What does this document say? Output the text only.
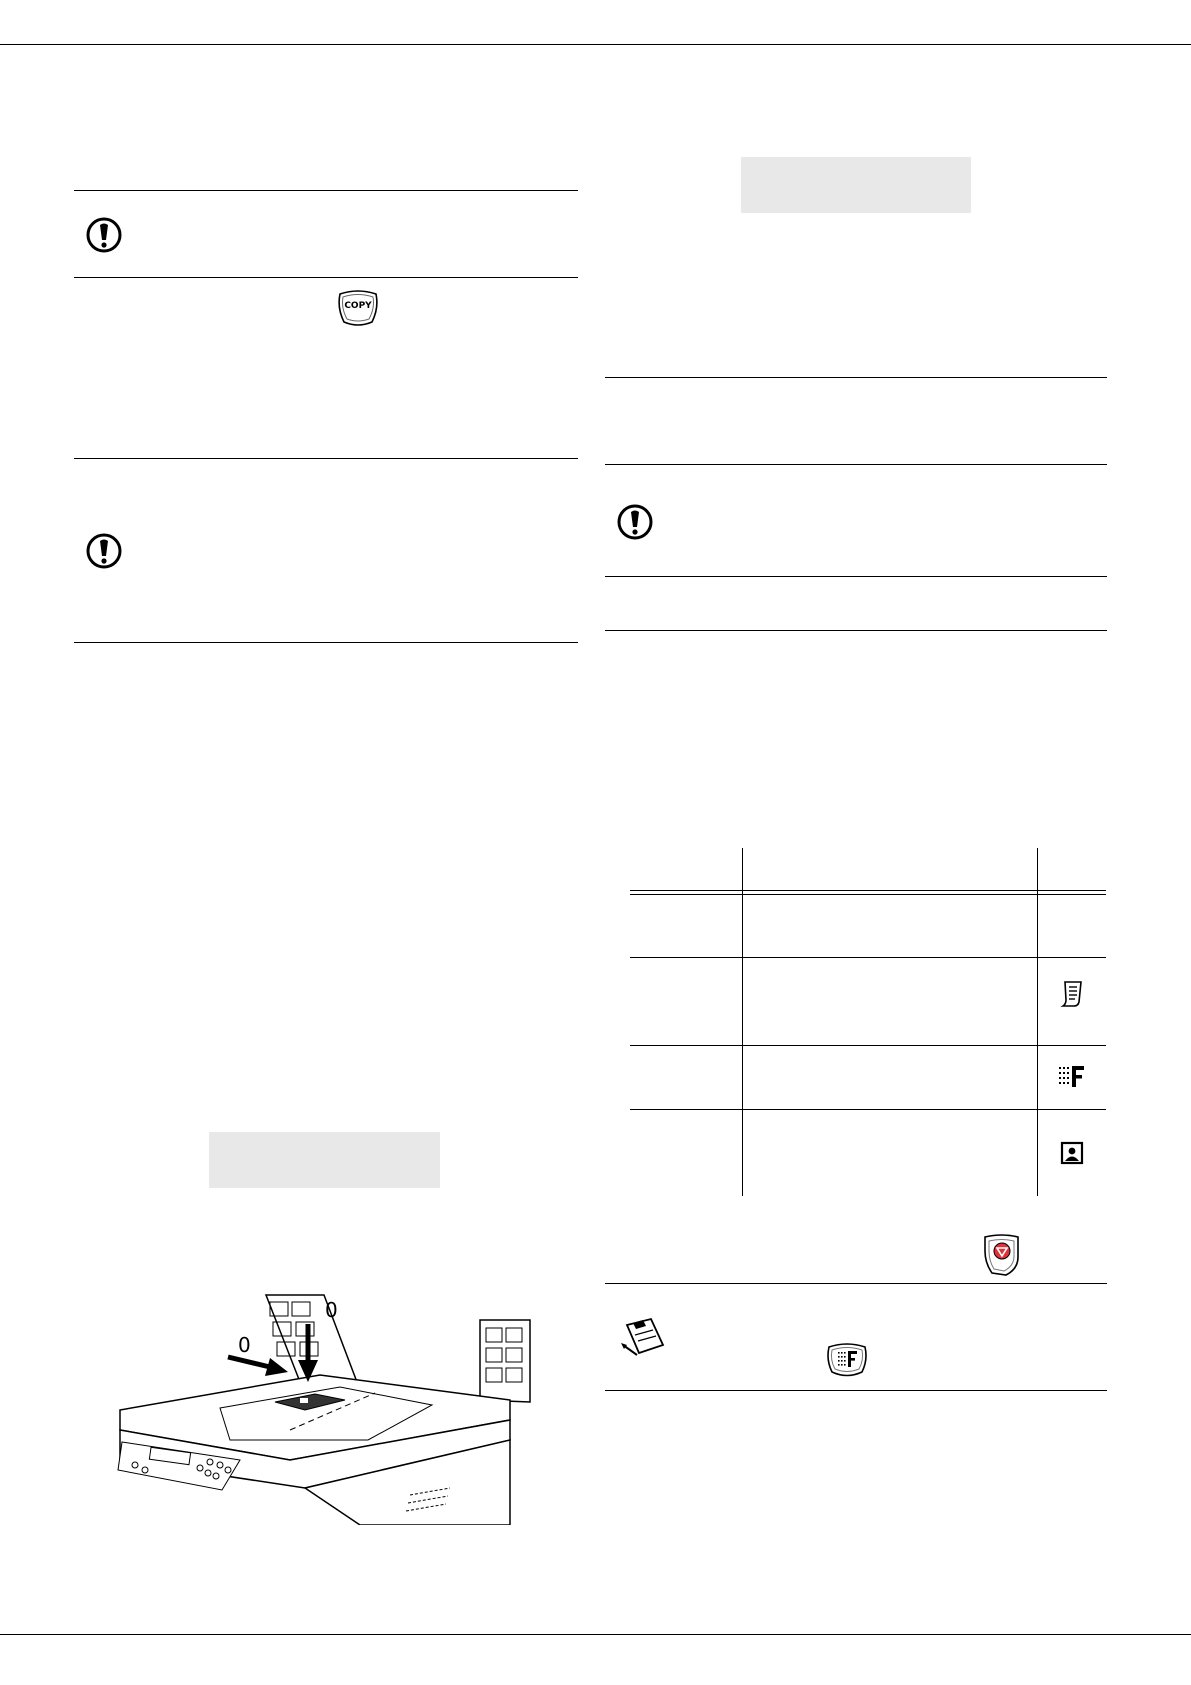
COPY
0
0
